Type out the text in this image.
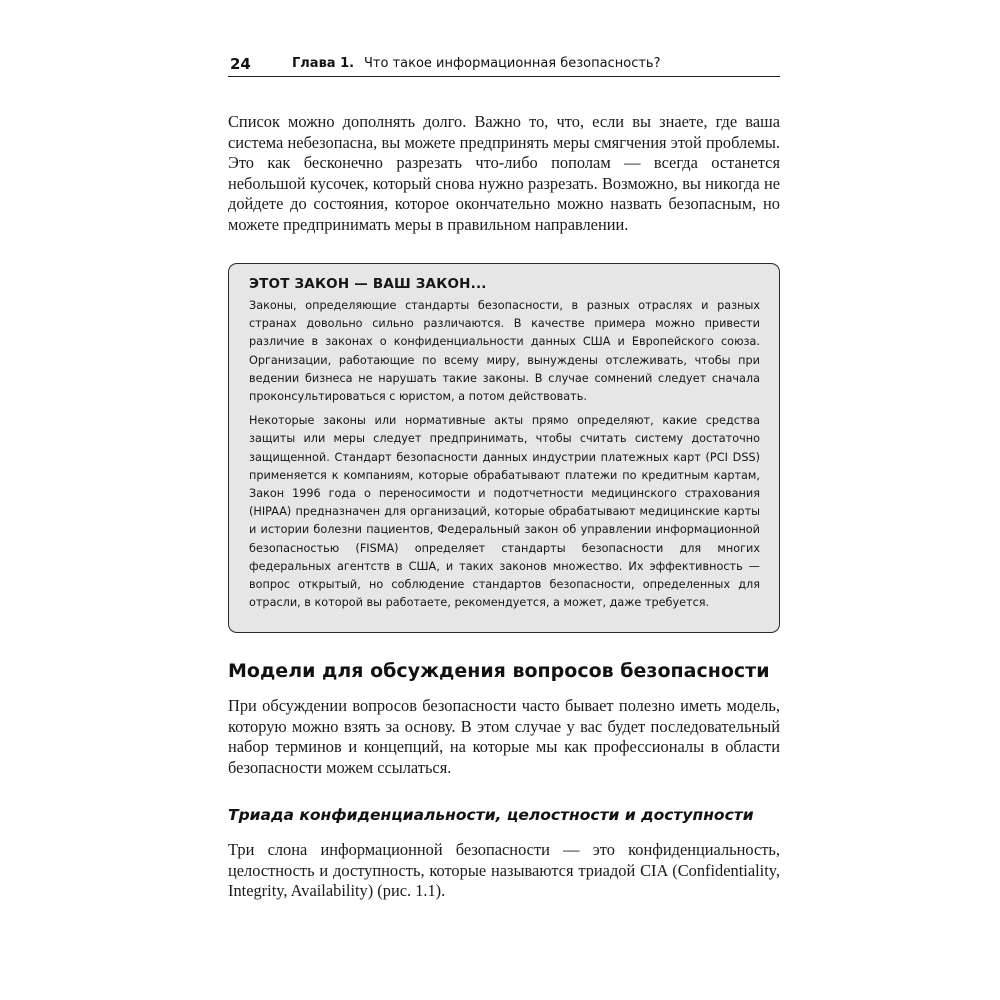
24	Глава 1. Что такое информационная безопасность?

Список можно дополнять долго. Важно то, что, если вы знаете, где ваша система небезопасна, вы можете предпринять меры смягчения этой проблемы. Это как бесконечно разрезать что-либо пополам — всегда останется небольшой кусочек, который снова нужно разрезать. Возможно, вы никогда не дойдете до состояния, которое окончательно можно назвать безопасным, но можете предпринимать меры в правильном направлении.

ЭТОТ ЗАКОН — ВАШ ЗАКОН...

Законы, определяющие стандарты безопасности, в разных отраслях и разных странах довольно сильно различаются. В качестве примера можно привести различие в законах о конфиденциальности данных США и Европейского союза. Организации, работающие по всему миру, вынуждены отслеживать, чтобы при ведении бизнеса не нарушать такие законы. В случае сомнений следует сначала проконсультироваться с юристом, а потом действовать.

Некоторые законы или нормативные акты прямо определяют, какие средства защиты или меры следует предпринимать, чтобы считать систему достаточно защищенной. Стандарт безопасности данных индустрии платежных карт (PCI DSS) применяется к компаниям, которые обрабатывают платежи по кредитным картам, Закон 1996 года о переносимости и подотчетности медицинского страхования (HIPAA) предназначен для организаций, которые обрабатывают медицинские карты и истории болезни пациентов, Федеральный закон об управлении информационной безопасностью (FISMA) определяет стандарты безопасности для многих федеральных агентств в США, и таких законов множество. Их эффективность — вопрос открытый, но соблюдение стандартов безопасности, определенных для отрасли, в которой вы работаете, рекомендуется, а может, даже требуется.

Модели для обсуждения вопросов безопасности

При обсуждении вопросов безопасности часто бывает полезно иметь модель, которую можно взять за основу. В этом случае у вас будет последовательный набор терминов и концепций, на которые мы как профессионалы в области безопасности можем ссылаться.

Триада конфиденциальности, целостности и доступности

Три слона информационной безопасности — это конфиденциальность, целостность и доступность, которые называются триадой CIA (Confidentiality, Integrity, Availability) (рис. 1.1).
